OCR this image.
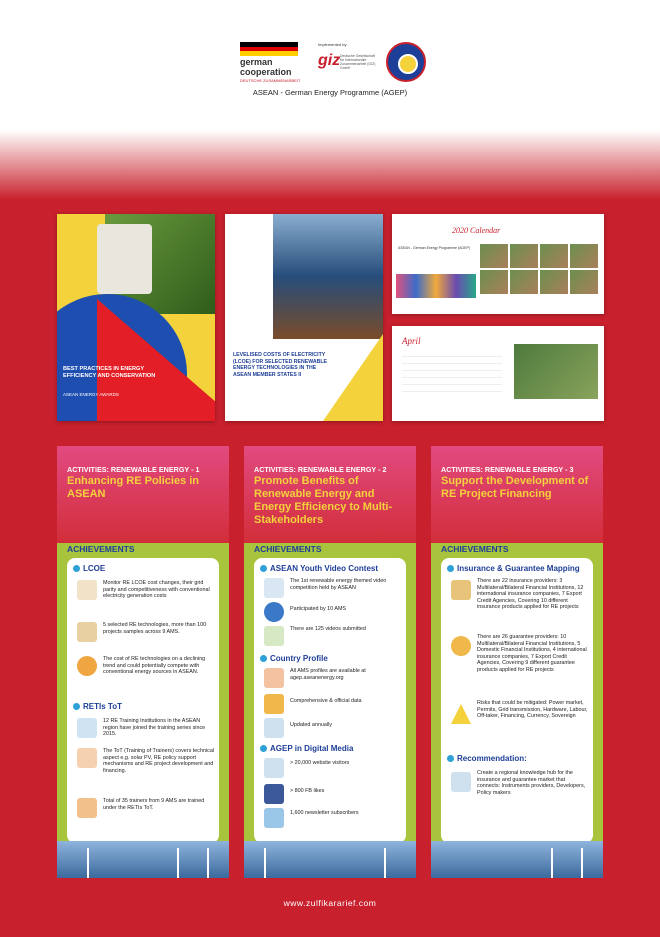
german
cooperation
DEUTSCHE ZUSAMMENARBEIT
Implemented by:
giz Deutsche Gesellschaft für Internationale Zusammenarbeit (GIZ) GmbH
ASEAN - German Energy Programme (AGEP)
BEST PRACTICES IN ENERGY EFFICIENCY AND CONSERVATION
ASEAN ENERGY AWARDS
LEVELISED COSTS OF ELECTRICITY (LCOE) FOR SELECTED RENEWABLE ENERGY TECHNOLOGIES IN THE ASEAN MEMBER STATES II
2020 Calendar
ASEAN - German Energy Programme (AGEP)
April
ACTIVITIES: RENEWABLE ENERGY - 1
Enhancing RE Policies in ASEAN
ACHIEVEMENTS
LCOE
Monitor RE LCOE cost changes, their grid parity and competitiveness with conventional electricity generation costs
5 selected RE technologies, more than 100 projects samples across 9 AMS.
The cost of RE technologies on a declining trend and could potentially compete with conventional energy sources in ASEAN.
RETIs ToT
12 RE Training Institutions in the ASEAN region have joined the training series since 2015.
The ToT (Training of Trainers) covers technical aspect e.g. solar PV, RE policy support mechanisms and RE project development and financing.
Total of 35 trainers from 9 AMS are trained under the RETIs ToT.
ACTIVITIES: RENEWABLE ENERGY - 2
Promote Benefits of Renewable Energy and Energy Efficiency to Multi-Stakeholders
ACHIEVEMENTS
ASEAN Youth Video Contest
The 1st renewable energy themed video competition held by ASEAN
Participated by 10 AMS
There are 125 videos submitted
Country Profile
All AMS profiles are available at agep.aseanenergy.org
Comprehensive & official data
Updated annually
AGEP in Digital Media
> 20,000 website visitors
> 800 FB likes
1,600 newsletter subscribers
ACTIVITIES: RENEWABLE ENERGY - 3
Support the Development of RE Project Financing
ACHIEVEMENTS
Insurance & Guarantee Mapping
There are 22 insurance providers: 3 Multilateral/Bilateral Financial Institutions, 12 international insurance companies, 7 Export Credit Agencies, Covering 10 different insurance products applied for RE projects
There are 26 guarantee providers: 10 Multilateral/Bilateral Financial Institutions, 5 Domestic Financial Institutions, 4 international insurance companies, 7 Export Credit Agencies, Covering 9 different guarantee products applied for RE projects
Risks that could be mitigated: Power market, Permits, Grid transmission, Hardware, Labour, Off-taker, Financing, Currency, Sovereign
Recommendation:
Create a regional knowledge hub for the insurance and guarantee market that connects: Instruments providers, Developers, Policy makers
www.zulfikararief.com
